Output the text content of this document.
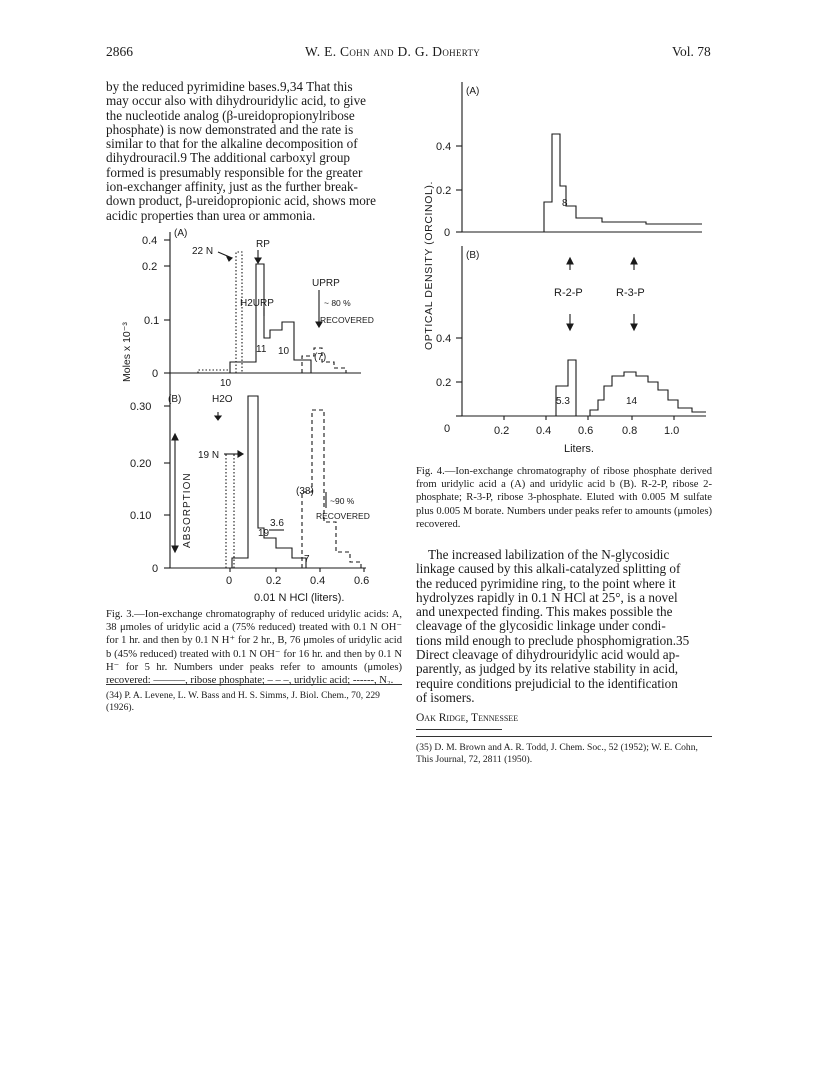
2866	W. E. Cohn and D. G. Doherty	Vol. 78
by the reduced pyrimidine bases.9,34 That this
may occur also with dihydrouridylic acid, to give
the nucleotide analog (β-ureidopropionylribose
phosphate) is now demonstrated and the rate is
similar to that for the alkaline decomposition of
dihydrouracil.9 The additional carboxyl group
formed is presumably responsible for the greater
ion-exchanger affinity, just as the further break-
down product, β-ureidopropionic acid, shows more
acidic properties than urea or ammonia.
0.4
0.2
0.1
0
0.30
0.20
0.10
0
0	0.2	0.4	0.6
0.01 N HCl (liters).
(A)
(B)
22 N
RP
UPRP
H2URP	~ 80 %
RECOVERED
11 10
(7)
10
H2O
19 N
(38)
~90 %
RECOVERED
19
3.6
7
Moles x 10⁻³
ABSORPTION
Fig. 3.—Ion-exchange chromatography of reduced uridylic acids: A, 38 μmoles of uridylic acid a (75% reduced) treated with 0.1 N OH⁻ for 1 hr. and then by 0.1 N H⁺ for 2 hr., B, 76 μmoles of uridylic acid b (45% reduced) treated with 0.1 N OH⁻ for 16 hr. and then by 0.1 N H⁻ for 5 hr. Numbers under peaks refer to amounts (μmoles) recovered: ———, ribose phosphate; – – –, uridylic acid; ------, N₂.
(34) P. A. Levene, L. W. Bass and H. S. Simms, J. Biol. Chem., 70, 229 (1926).
(A)
(B)
0.4
0.2
0
0.4
0.2
0
8
R-2-P	R-3-P
5.3	14
0.2 0.4 0.6	0.8 1.0
Liters.
OPTICAL DENSITY (ORCINOL).
Fig. 4.—Ion-exchange chromatography of ribose phosphate derived from uridylic acid a (A) and uridylic acid b (B). R-2-P, ribose 2-phosphate; R-3-P, ribose 3-phosphate. Eluted with 0.005 M sulfate plus 0.005 M borate. Numbers under peaks refer to amounts (μmoles) recovered.
The increased labilization of the N-glycosidic
linkage caused by this alkali-catalyzed splitting of
the reduced pyrimidine ring, to the point where it
hydrolyzes rapidly in 0.1 N HCl at 25°, is a novel
and unexpected finding. This makes possible the
cleavage of the glycosidic linkage under condi-
tions mild enough to preclude phosphomigration.35
Direct cleavage of dihydrouridylic acid would ap-
parently, as judged by its relative stability in acid,
require conditions prejudicial to the identification
of isomers.
Oak Ridge, Tennessee
(35) D. M. Brown and A. R. Todd, J. Chem. Soc., 52 (1952); W. E. Cohn, This Journal, 72, 2811 (1950).
